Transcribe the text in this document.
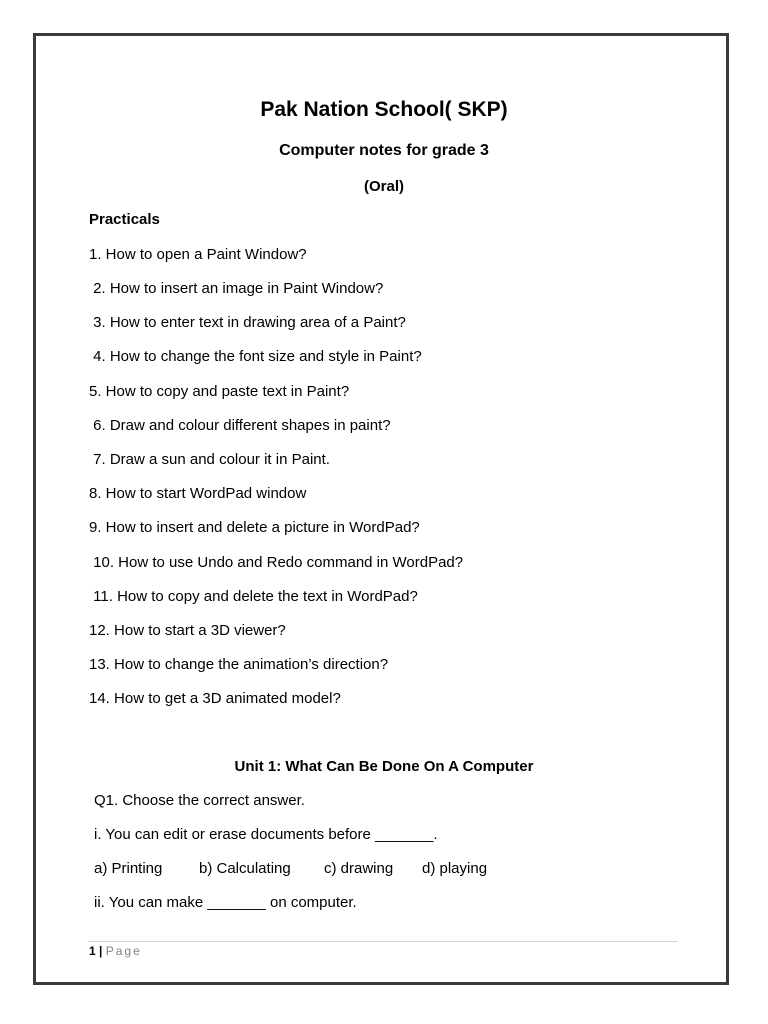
Pak Nation School( SKP)
Computer notes for grade 3
(Oral)
Practicals
1. How to open a Paint Window?
2. How to insert an image in Paint Window?
3. How to enter text in drawing area of a Paint?
4. How to change the font size and style in Paint?
5. How to copy and paste text in Paint?
6. Draw and colour different shapes in paint?
7. Draw a sun and colour it in Paint.
8. How to start WordPad window
9. How to insert and delete a picture in WordPad?
10. How to use Undo and Redo command in WordPad?
11. How to copy and delete the text in WordPad?
12. How to start a 3D viewer?
13. How to change the animation’s direction?
14. How to get a 3D animated model?
Unit 1: What Can Be Done On A Computer
Q1. Choose the correct answer.
i. You can edit or erase documents before _______.
a) Printing b) Calculating c) drawing d) playing
ii. You can make _______ on computer.
1 | Page
